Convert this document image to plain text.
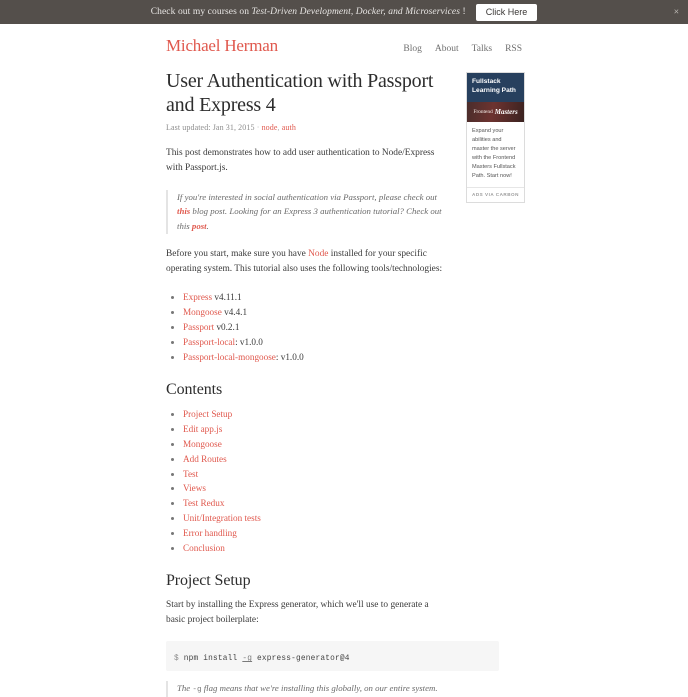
Check out my courses on Test-Driven Development, Docker, and Microservices !	Click Here	×
Michael Herman	Blog About Talks RSS
Fullstack Learning Path
Frontend Masters
Expand your abilities and master the server with the Frontend Masters Fullstack Path. Start now!
ADS VIA CARBON
User Authentication with Passport and Express 4
Last updated: Jan 31, 2015 · node, auth

This post demonstrates how to add user authentication to Node/Express with Passport.js.

If you're interested in social authentication via Passport, please check out this blog post. Looking for an Express 3 authentication tutorial? Check out this post.

Before you start, make sure you have Node installed for your specific operating system. This tutorial also uses the following tools/technologies:

• Express v4.11.1
• Mongoose v4.4.1
• Passport v0.2.1
• Passport-local: v1.0.0
• Passport-local-mongoose: v1.0.0
Contents
• Project Setup
• Edit app.js
• Mongoose
• Add Routes
• Test
• Views
• Test Redux
• Unit/Integration tests
• Error handling
• Conclusion
Project Setup

Start by installing the Express generator, which we'll use to generate a basic project boilerplate:

$ npm install -g express-generator@4
The -g flag means that we're installing this globally, on our entire system.
